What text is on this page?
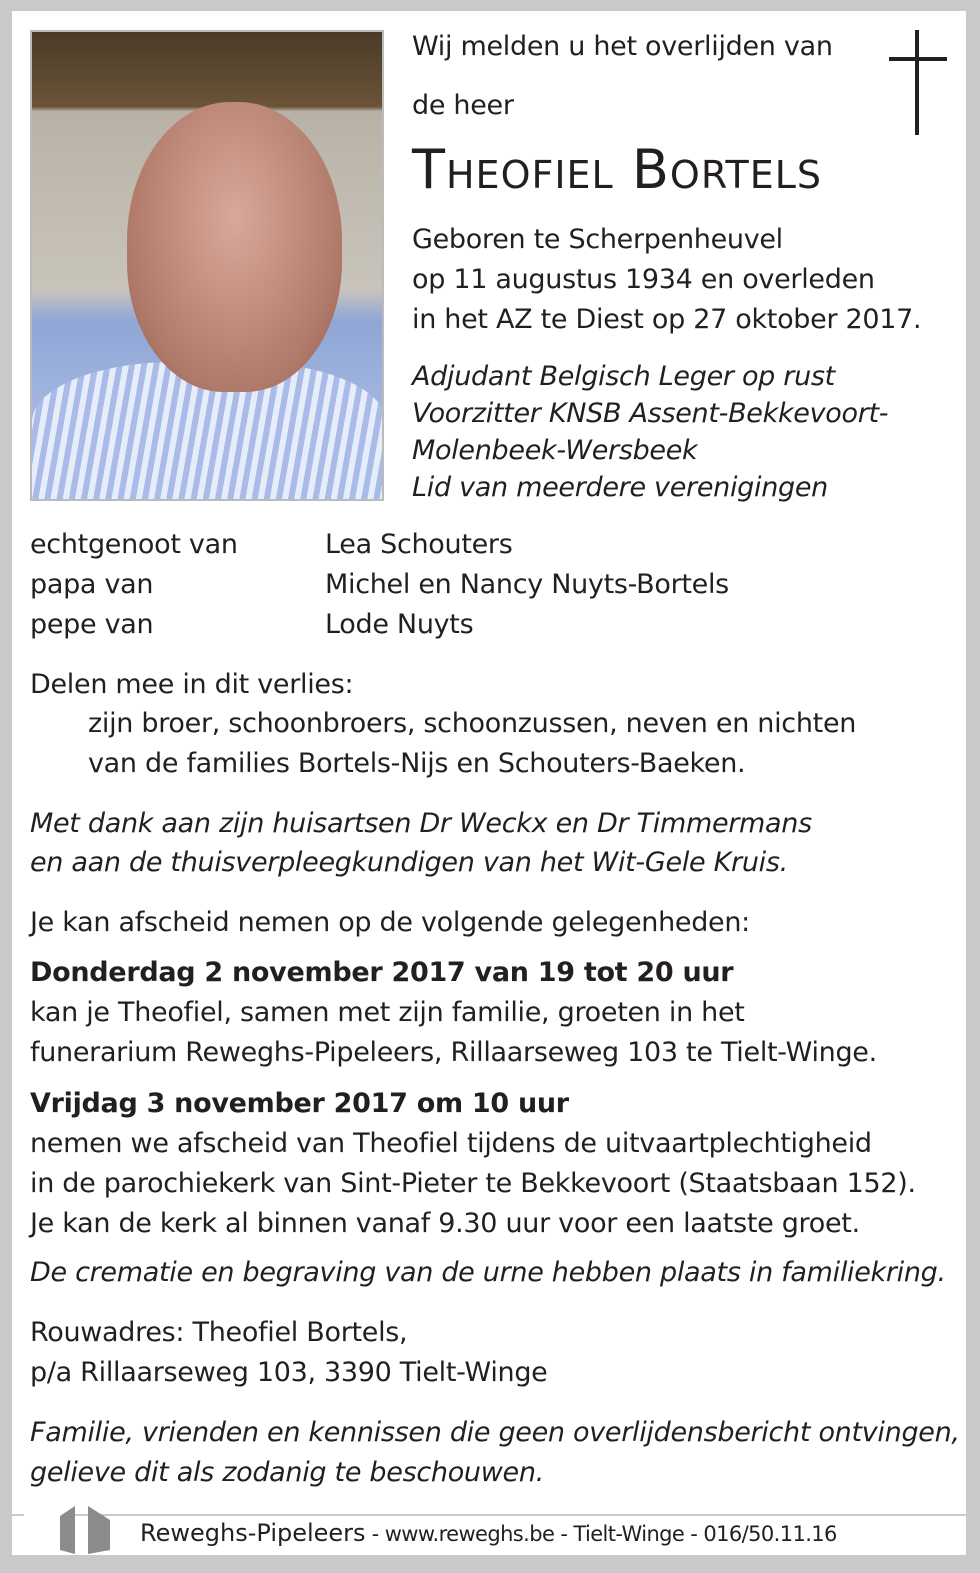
Wij melden u het overlijden van
de heer
Theofiel Bortels
Geboren te Scherpenheuvel
op 11 augustus 1934 en overleden
in het AZ te Diest op 27 oktober 2017.
Adjudant Belgisch Leger op rust
Voorzitter KNSB Assent-Bekkevoort-
Molenbeek-Wersbeek
Lid van meerdere verenigingen
echtgenoot van	Lea Schouters
papa van	Michel en Nancy Nuyts-Bortels
pepe van	Lode Nuyts
Delen mee in dit verlies:
zijn broer, schoonbroers, schoonzussen, neven en nichten
van de families Bortels-Nijs en Schouters-Baeken.
Met dank aan zijn huisartsen Dr Weckx en Dr Timmermans
en aan de thuisverpleegkundigen van het Wit-Gele Kruis.
Je kan afscheid nemen op de volgende gelegenheden:
Donderdag 2 november 2017 van 19 tot 20 uur
kan je Theofiel, samen met zijn familie, groeten in het
funerarium Reweghs-Pipeleers, Rillaarseweg 103 te Tielt-Winge.
Vrijdag 3 november 2017 om 10 uur
nemen we afscheid van Theofiel tijdens de uitvaartplechtigheid
in de parochiekerk van Sint-Pieter te Bekkevoort (Staatsbaan 152).
Je kan de kerk al binnen vanaf 9.30 uur voor een laatste groet.
De crematie en begraving van de urne hebben plaats in familiekring.
Rouwadres: Theofiel Bortels,
p/a Rillaarseweg 103, 3390 Tielt-Winge
Familie, vrienden en kennissen die geen overlijdensbericht ontvingen,
gelieve dit als zodanig te beschouwen.
Reweghs-Pipeleers - www.reweghs.be - Tielt-Winge - 016/50.11.16
